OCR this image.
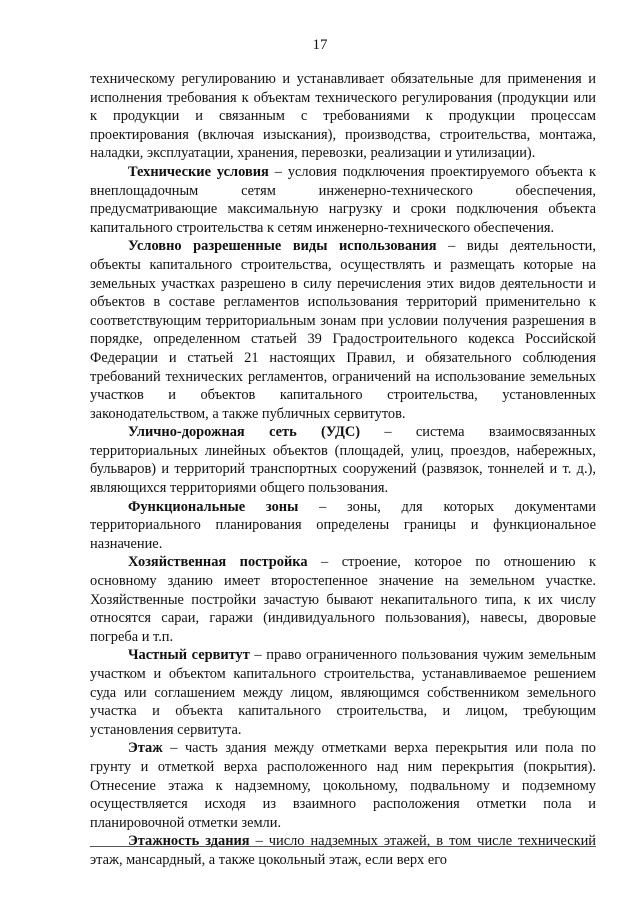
17

техническому регулированию и устанавливает обязательные для применения и исполнения требования к объектам технического регулирования (продукции или к продукции и связанным с требованиями к продукции процессам проектирования (включая изыскания), производства, строительства, монтажа, наладки, эксплуатации, хранения, перевозки, реализации и утилизации).

Технические условия – условия подключения проектируемого объекта к внеплощадочным сетям инженерно-технического обеспечения, предусматривающие максимальную нагрузку и сроки подключения объекта капитального строительства к сетям инженерно-технического обеспечения.

Условно разрешенные виды использования – виды деятельности, объекты капитального строительства, осуществлять и размещать которые на земельных участках разрешено в силу перечисления этих видов деятельности и объектов в составе регламентов использования территорий применительно к соответствующим территориальным зонам при условии получения разрешения в порядке, определенном статьей 39 Градостроительного кодекса Российской Федерации и статьей 21 настоящих Правил, и обязательного соблюдения требований технических регламентов, ограничений на использование земельных участков и объектов капитального строительства, установленных законодательством, а также публичных сервитутов.

Улично-дорожная сеть (УДС) – система взаимосвязанных территориальных линейных объектов (площадей, улиц, проездов, набережных, бульваров) и территорий транспортных сооружений (развязок, тоннелей и т. д.), являющихся территориями общего пользования.

Функциональные зоны – зоны, для которых документами территориального планирования определены границы и функциональное назначение.

Хозяйственная постройка – строение, которое по отношению к основному зданию имеет второстепенное значение на земельном участке. Хозяйственные постройки зачастую бывают некапитального типа, к их числу относятся сараи, гаражи (индивидуального пользования), навесы, дворовые погреба и т.п.

Частный сервитут – право ограниченного пользования чужим земельным участком и объектом капитального строительства, устанавливаемое решением суда или соглашением между лицом, являющимся собственником земельного участка и объекта капитального строительства, и лицом, требующим установления сервитута.

Этаж – часть здания между отметками верха перекрытия или пола по грунту и отметкой верха расположенного над ним перекрытия (покрытия). Отнесение этажа к надземному, цокольному, подвальному и подземному осуществляется исходя из взаимного расположения отметки пола и планировочной отметки земли.

Этажность здания – число надземных этажей, в том числе технический этаж, мансардный, а также цокольный этаж, если верх его
